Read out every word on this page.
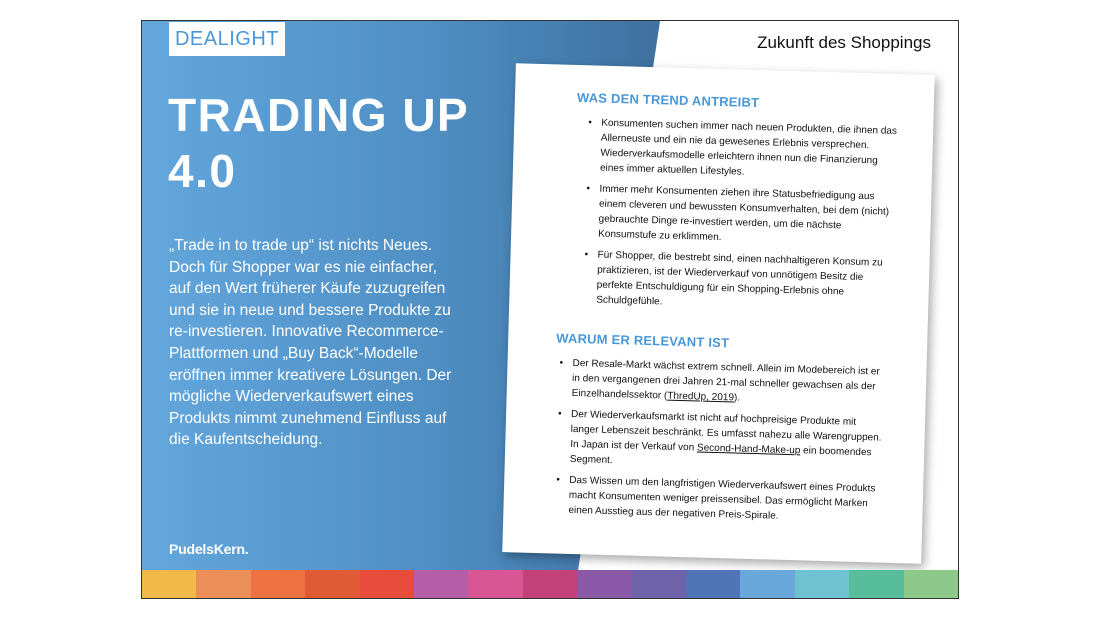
DEALIGHT	Zukunft des Shoppings
TRADING UP
4.0
„Trade in to trade up“ ist nichts Neues. Doch für Shopper war es nie einfacher, auf den Wert früherer Käufe zuzugreifen und sie in neue und bessere Produkte zu re-investieren. Innovative Recommerce-Plattformen und „Buy Back“-Modelle eröffnen immer kreativere Lösungen. Der mögliche Wiederverkaufswert eines Produkts nimmt zunehmend Einfluss auf die Kaufentscheidung.
PudelsKern.
WAS DEN TREND ANTREIBT
• Konsumenten suchen immer nach neuen Produkten, die ihnen das Allerneuste und ein nie da gewesenes Erlebnis versprechen. Wiederverkaufsmodelle erleichtern ihnen nun die Finanzierung eines immer aktuellen Lifestyles.
• Immer mehr Konsumenten ziehen ihre Statusbefriedigung aus einem cleveren und bewussten Konsumverhalten, bei dem (nicht) gebrauchte Dinge re-investiert werden, um die nächste Konsumstufe zu erklimmen.
• Für Shopper, die bestrebt sind, einen nachhaltigeren Konsum zu praktizieren, ist der Wiederverkauf von unnötigem Besitz die perfekte Entschuldigung für ein Shopping-Erlebnis ohne Schuldgefühle.
WARUM ER RELEVANT IST
• Der Resale-Markt wächst extrem schnell. Allein im Modebereich ist er in den vergangenen drei Jahren 21-mal schneller gewachsen als der Einzelhandelssektor (ThredUp, 2019).
• Der Wiederverkaufsmarkt ist nicht auf hochpreisige Produkte mit langer Lebenszeit beschränkt. Es umfasst nahezu alle Warengruppen. In Japan ist der Verkauf von Second-Hand-Make-up ein boomendes Segment.
• Das Wissen um den langfristigen Wiederverkaufswert eines Produkts macht Konsumenten weniger preissensibel. Das ermöglicht Marken einen Ausstieg aus der negativen Preis-Spirale.
